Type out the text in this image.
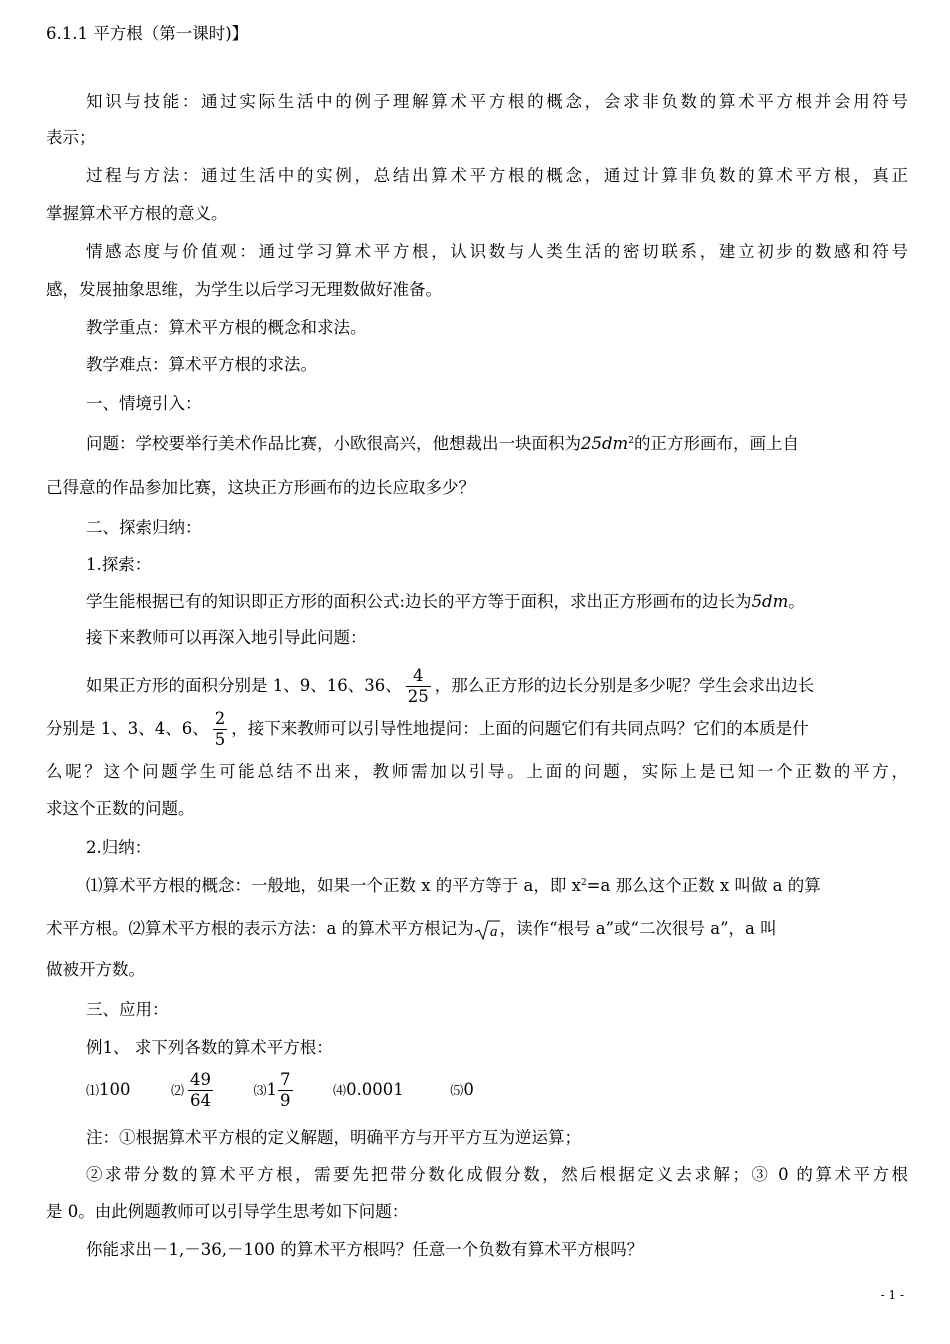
6.1.1 平方根（第一课时)】
知识与技能：通过实际生活中的例子理解算术平方根的概念，会求非负数的算术平方根并会用符号
表示；
过程与方法：通过生活中的实例，总结出算术平方根的概念，通过计算非负数的算术平方根，真正
掌握算术平方根的意义。
情感态度与价值观：通过学习算术平方根，认识数与人类生活的密切联系，建立初步的数感和符号
感，发展抽象思维，为学生以后学习无理数做好准备。
教学重点：算术平方根的概念和求法。
教学难点：算术平方根的求法。
一、情境引入：
问题：学校要举行美术作品比赛，小欧很高兴，他想裁出一块面积为$25dm^2$的正方形画布，画上自
己得意的作品参加比赛，这块正方形画布的边长应取多少？
二、探索归纳：
1.探索：
学生能根据已有的知识即正方形的面积公式:边长的平方等于面积，求出正方形画布的边长为5dm。
接下来教师可以再深入地引导此问题：
如果正方形的面积分别是 1、9、16、36、 $\frac{4}{25}$ ，那么正方形的边长分别是多少呢？学生会求出边长
分别是 1、3、4、6、 $\frac{2}{5}$ ，接下来教师可以引导性地提问：上面的问题它们有共同点吗？它们的本质是什
么呢？这个问题学生可能总结不出来，教师需加以引导。上面的问题，实际上是已知一个正数的平方，
求这个正数的问题。
2.归纳：
⑴算术平方根的概念：一般地，如果一个正数 x 的平方等于 a，即 $x^2=a$ 那么这个正数 x 叫做 a 的算
术平方根。⑵算术平方根的表示方法：a 的算术平方根记为 a ，读作“根号 a”或“二次很号 a”，a 叫
做被开方数。
三、应用：
例1、 求下列各数的算术平方根：
⑴100	⑵ $\frac{49}{64}$	⑶ $1 \frac{7}{9}$	⑷0.0001	⑸0
注：①根据算术平方根的定义解题，明确平方与开平方互为逆运算；
②求带分数的算术平方根，需要先把带分数化成假分数，然后根据定义去求解；③ 0 的算术平方根
是 0。由此例题教师可以引导学生思考如下问题：
你能求出－1,－36,－100 的算术平方根吗？任意一个负数有算术平方根吗？
- 1 -
